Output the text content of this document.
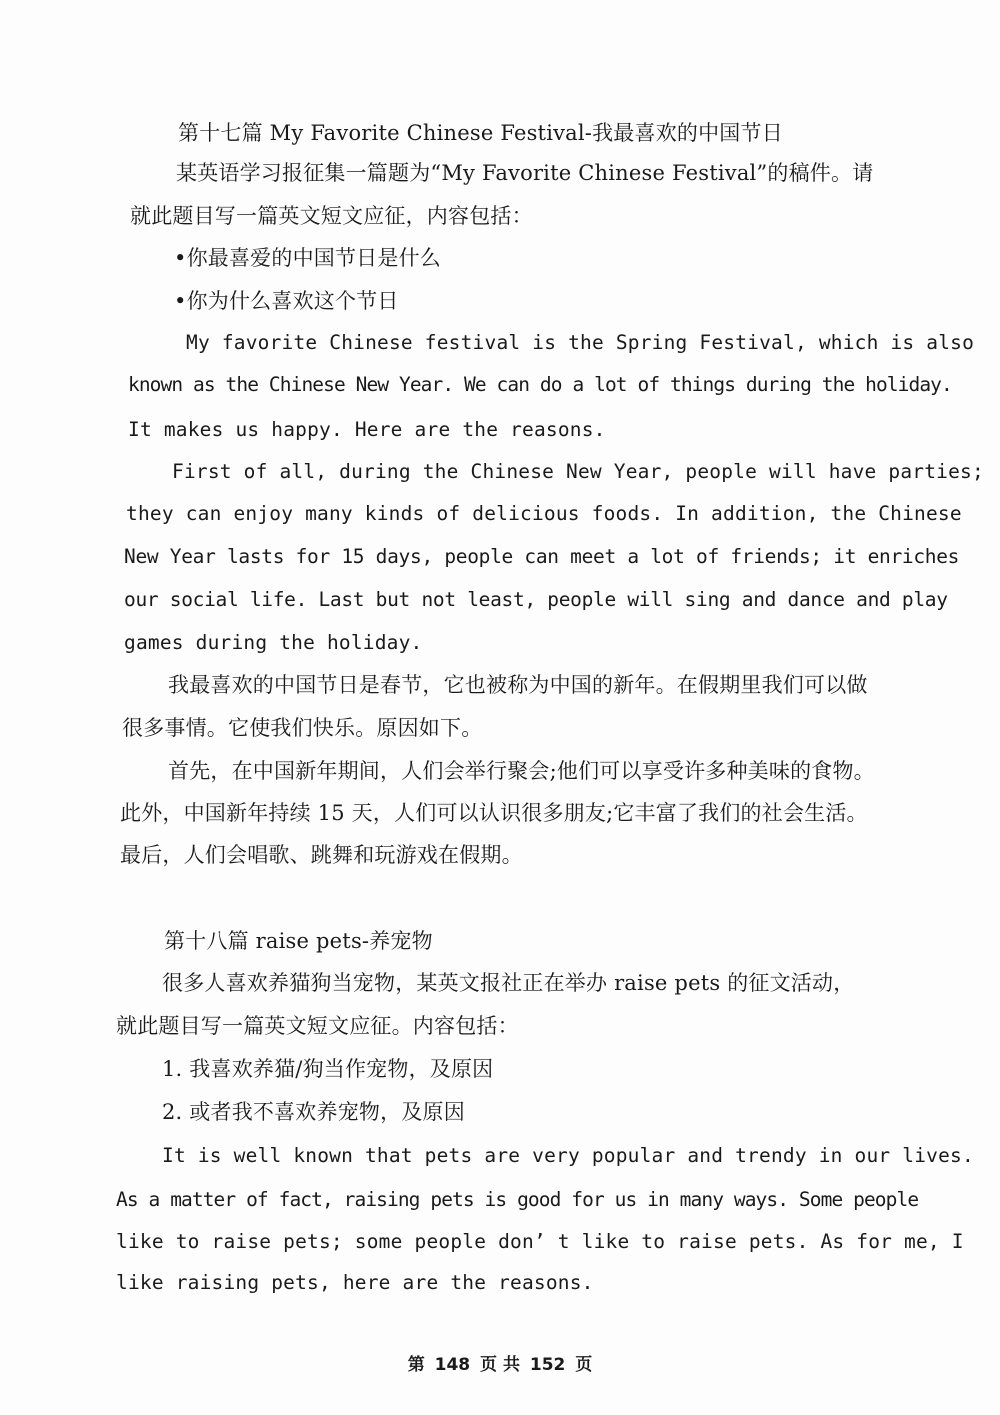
第十七篇 My Favorite Chinese Festival-我最喜欢的中国节日
某英语学习报征集一篇题为“My Favorite Chinese Festival”的稿件。请
就此题目写一篇英文短文应征，内容包括：
•你最喜爱的中国节日是什么
•你为什么喜欢这个节日
My favorite Chinese festival is the Spring Festival, which is also
known as the Chinese New Year. We can do a lot of things during the holiday.
It makes us happy. Here are the reasons.
First of all, during the Chinese New Year, people will have parties;
they can enjoy many kinds of delicious foods. In addition, the Chinese
New Year lasts for 15 days, people can meet a lot of friends; it enriches
our social life. Last but not least, people will sing and dance and play
games during the holiday.
我最喜欢的中国节日是春节，它也被称为中国的新年。在假期里我们可以做
很多事情。它使我们快乐。原因如下。
首先，在中国新年期间，人们会举行聚会;他们可以享受许多种美味的食物。
此外，中国新年持续 15 天，人们可以认识很多朋友;它丰富了我们的社会生活。
最后，人们会唱歌、跳舞和玩游戏在假期。
第十八篇 raise pets-养宠物
很多人喜欢养猫狗当宠物，某英文报社正在举办 raise pets 的征文活动，
就此题目写一篇英文短文应征。内容包括：
1. 我喜欢养猫/狗当作宠物，及原因
2. 或者我不喜欢养宠物，及原因
It is well known that pets are very popular and trendy in our lives.
As a matter of fact, raising pets is good for us in many ways. Some people
like to raise pets; some people don’ t like to raise pets. As for me, I
like raising pets, here are the reasons.
第 148 页 共 152 页
